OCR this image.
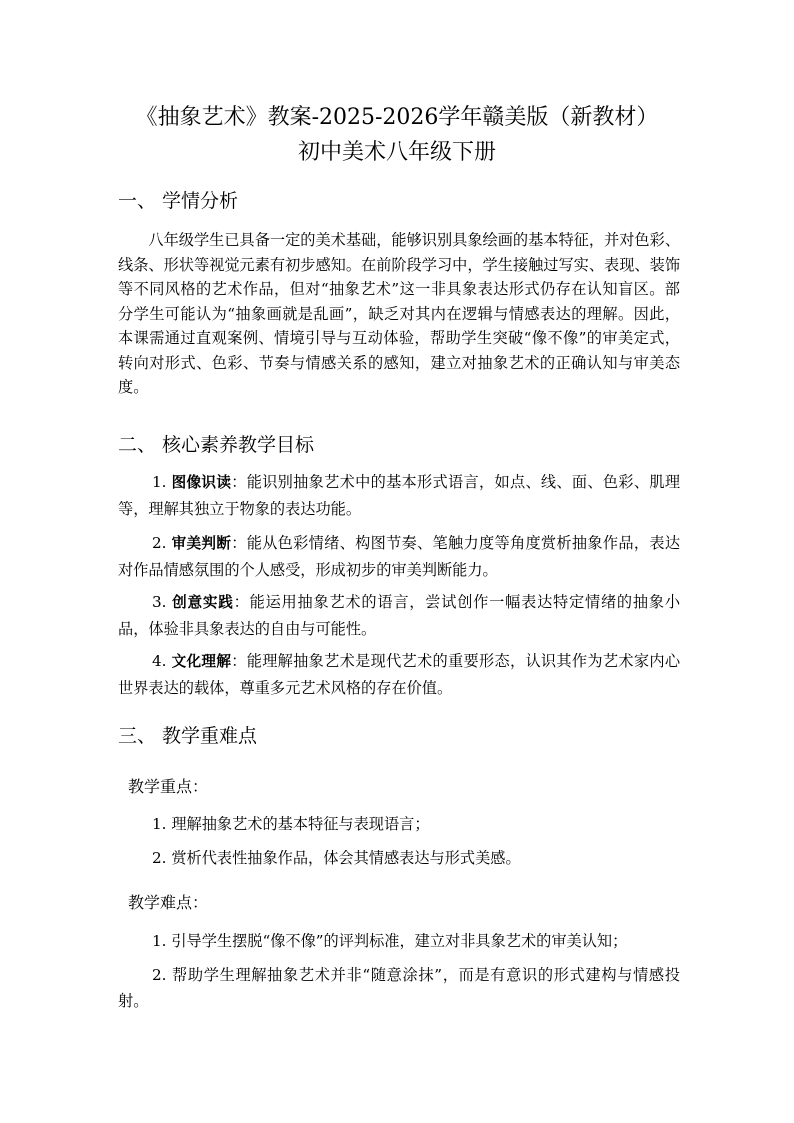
《抽象艺术》教案-2025-2026学年赣美版（新教材）
初中美术八年级下册
一、 学情分析
八年级学生已具备一定的美术基础，能够识别具象绘画的基本特征，并对色彩、线条、形状等视觉元素有初步感知。在前阶段学习中，学生接触过写实、表现、装饰等不同风格的艺术作品，但对“抽象艺术”这一非具象表达形式仍存在认知盲区。部分学生可能认为“抽象画就是乱画”，缺乏对其内在逻辑与情感表达的理解。因此，本课需通过直观案例、情境引导与互动体验，帮助学生突破“像不像”的审美定式，转向对形式、色彩、节奏与情感关系的感知，建立对抽象艺术的正确认知与审美态度。
二、 核心素养教学目标
1. 图像识读：能识别抽象艺术中的基本形式语言，如点、线、面、色彩、肌理等，理解其独立于物象的表达功能。
2. 审美判断：能从色彩情绪、构图节奏、笔触力度等角度赏析抽象作品，表达对作品情感氛围的个人感受，形成初步的审美判断能力。
3. 创意实践：能运用抽象艺术的语言，尝试创作一幅表达特定情绪的抽象小品，体验非具象表达的自由与可能性。
4. 文化理解：能理解抽象艺术是现代艺术的重要形态，认识其作为艺术家内心世界表达的载体，尊重多元艺术风格的存在价值。
三、 教学重难点
教学重点：
1. 理解抽象艺术的基本特征与表现语言；
2. 赏析代表性抽象作品，体会其情感表达与形式美感。
教学难点：
1. 引导学生摆脱“像不像”的评判标准，建立对非具象艺术的审美认知；
2. 帮助学生理解抽象艺术并非“随意涂抹”，而是有意识的形式建构与情感投射。
